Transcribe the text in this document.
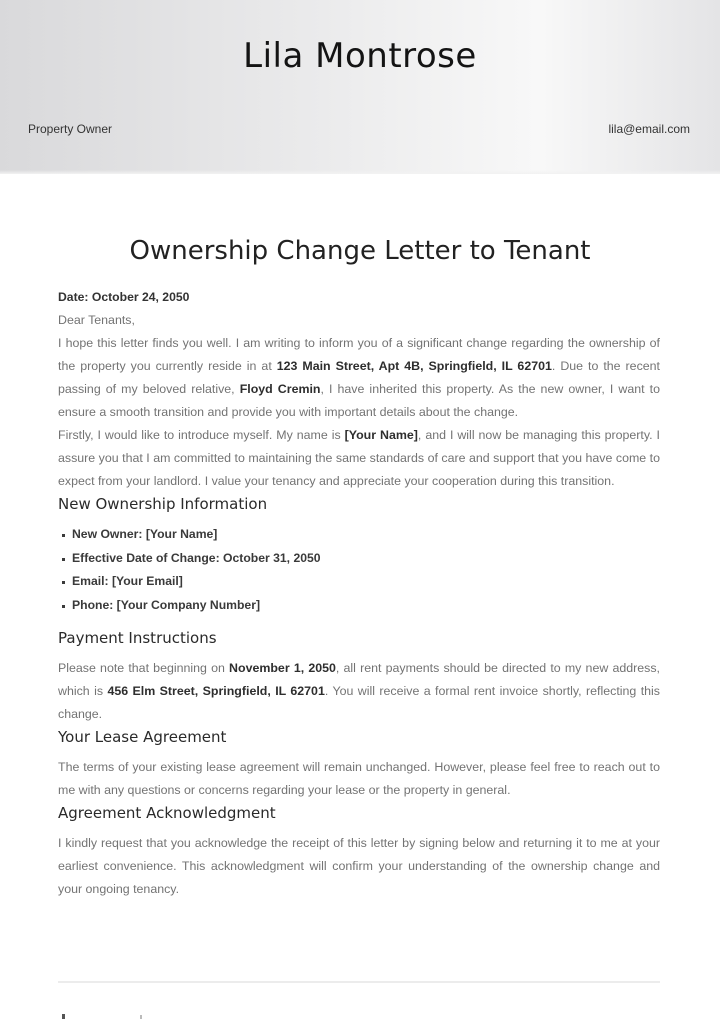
Lila Montrose
Property Owner	lila@email.com
Ownership Change Letter to Tenant
Date: October 24, 2050

Dear Tenants,

I hope this letter finds you well. I am writing to inform you of a significant change regarding the ownership of the property you currently reside in at 123 Main Street, Apt 4B, Springfield, IL 62701. Due to the recent passing of my beloved relative, Floyd Cremin, I have inherited this property. As the new owner, I want to ensure a smooth transition and provide you with important details about the change.

Firstly, I would like to introduce myself. My name is [Your Name], and I will now be managing this property. I assure you that I am committed to maintaining the same standards of care and support that you have come to expect from your landlord. I value your tenancy and appreciate your cooperation during this transition.

New Ownership Information
New Owner: [Your Name]
Effective Date of Change: October 31, 2050
Email: [Your Email]
Phone: [Your Company Number]
Payment Instructions

Please note that beginning on November 1, 2050, all rent payments should be directed to my new address, which is 456 Elm Street, Springfield, IL 62701. You will receive a formal rent invoice shortly, reflecting this change.

Your Lease Agreement

The terms of your existing lease agreement will remain unchanged. However, please feel free to reach out to me with any questions or concerns regarding your lease or the property in general.

Agreement Acknowledgment

I kindly request that you acknowledge the receipt of this letter by signing below and returning it to me at your earliest convenience. This acknowledgment will confirm your understanding of the ownership change and your ongoing tenancy.
